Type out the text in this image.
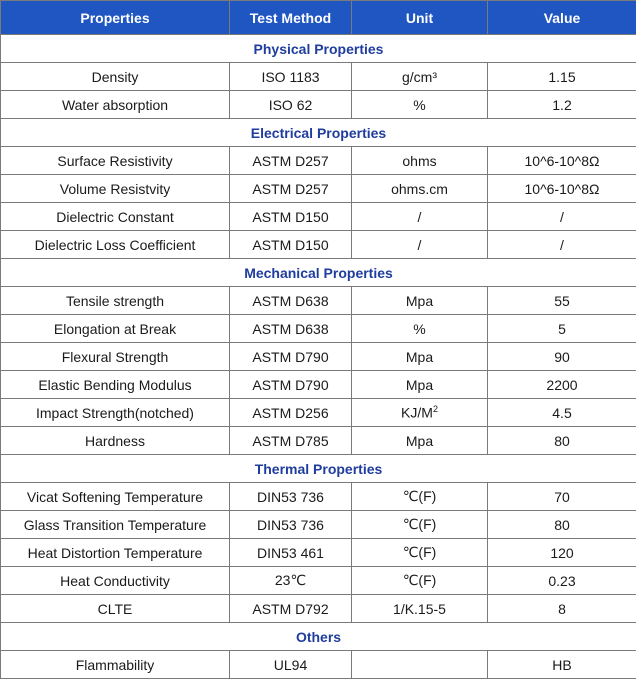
Properties	Test Method	Unit	Value
Physical Properties			
Density	ISO 1183	g/cm³	1.15
Water absorption	ISO 62	%	1.2
Electrical Properties			
Surface Resistivity	ASTM D257	ohms	10^6-10^8Ω
Volume Resistvity	ASTM D257	ohms.cm	10^6-10^8Ω
Dielectric Constant	ASTM D150	/	/
Dielectric Loss Coefficient	ASTM D150	/	/
Mechanical Properties			
Tensile strength	ASTM D638	Mpa	55
Elongation at Break	ASTM D638	%	5
Flexural Strength	ASTM D790	Mpa	90
Elastic Bending Modulus	ASTM D790	Mpa	2200
Impact Strength(notched)	ASTM D256	$KJ/M^2$	4.5
Hardness	ASTM D785	Mpa	80
Thermal Properties			
Vicat Softening Temperature	DIN53 736	℃(F)	70
Glass Transition Temperature	DIN53 736	℃(F)	80
Heat Distortion Temperature	DIN53 461	℃(F)	120
Heat Conductivity	23℃	℃(F)	0.23
CLTE	ASTM D792	1/K.15-5	8
Others			
Flammability	UL94		HB
